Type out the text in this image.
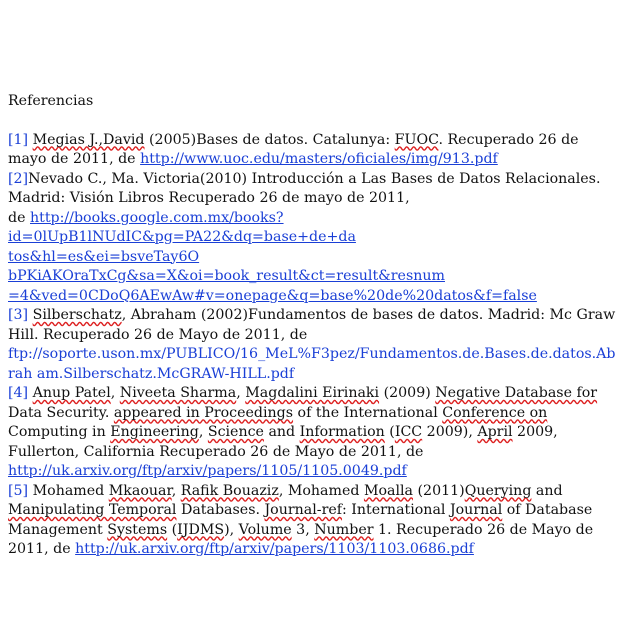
Referencias

[1] Megias J.,David (2005)Bases de datos. Catalunya: FUOC. Recuperado 26 de mayo de 2011, de http://www.uoc.edu/masters/oficiales/img/913.pdf

[2]Nevado C., Ma. Victoria(2010) Introducción a Las Bases de Datos Relacionales. Madrid: Visión Libros Recuperado 26 de mayo de 2011,
de http://books.google.com.mx/books?id=0lUpB1lNUdIC&pg=PA22&dq=base+de+da
tos&hl=es&ei=bsveTay6O bPKiAKOraTxCg&sa=X&oi=book_result&ct=result&resnum
=4&ved=0CDoQ6AEwAw#v=onepage&q=base%20de%20datos&f=false

[3] Silberschatz, Abraham (2002)Fundamentos de bases de datos. Madrid: Mc Graw Hill. Recuperado 26 de Mayo de 2011, de
ftp://soporte.uson.mx/PUBLICO/16_MeL%F3pez/Fundamentos.de.Bases.de.datos.Ab
rah am.Silberschatz.McGRAW-HILL.pdf

[4] Anup Patel, Niveeta Sharma, Magdalini Eirinaki (2009) Negative Database for Data Security. appeared in Proceedings of the International Conference on Computing in Engineering, Science and Information (ICC 2009), April 2009, Fullerton, California Recuperado 26 de Mayo de 2011, de
http://uk.arxiv.org/ftp/arxiv/papers/1105/1105.0049.pdf

[5] Mohamed Mkaouar, Rafik Bouaziz, Mohamed Moalla (2011)Querying and Manipulating Temporal Databases. Journal-ref: International Journal of Database Management Systems (IJDMS), Volume 3, Number 1. Recuperado 26 de Mayo de 2011, de http://uk.arxiv.org/ftp/arxiv/papers/1103/1103.0686.pdf
